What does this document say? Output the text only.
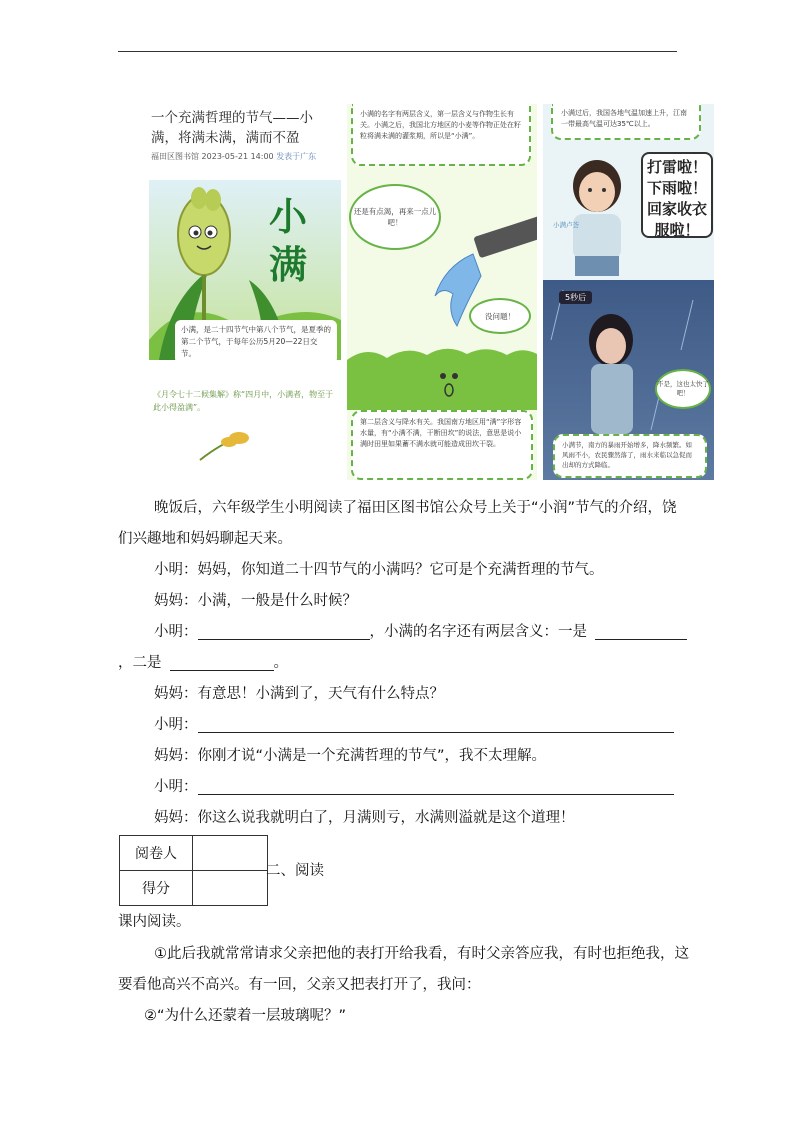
一个充满哲理的节气——小满，将满未满，满而不盈
福田区图书馆 2023-05-21 14:00 发表于广东
小
满
小满，是二十四节气中第八个节气，是夏季的第二个节气，于每年公历5月20—22日交节。
《月令七十二候集解》称“四月中，小满者，物至于此小得盈满”。
小满的名字有两层含义，第一层含义与作物生长有关。小满之后，我国北方地区的小麦等作物正处在籽粒将满未满的灌浆期，所以是“小满”。
还是有点渴，再来一点儿吧！
没问题！
第二层含义与降水有关。我国南方地区用“满”字形容水量，有“小满不满，干断田坎”的说法，意思是说小满时田里如果蓄不满水就可能造成田坎干裂。
小满过后，我国各地气温加速上升，江南一带最高气温可达35℃以上。
小满卢荟
打雷啦！下雨啦！回家收衣服啦！
5秒后
不是，这也太快了吧！
小满节，南方的暴雨开始增多，降水频繁。如风雨不小，农民骤然落了，雨水来临以急促而出却的方式降临。
晚饭后，六年级学生小明阅读了福田区图书馆公众号上关于“小润”节气的介绍，饶
们兴趣地和妈妈聊起天来。
小明：妈妈，你知道二十四节气的小满吗？它可是个充满哲理的节气。
妈妈：小满，一般是什么时候？
小明：	，小满的名字还有两层含义：一是
，二是	。
妈妈：有意思！小满到了，天气有什么特点？
小明：
妈妈：你刚才说“小满是一个充满哲理的节气”，我不太理解。
小明：
妈妈：你这么说我就明白了，月满则亏，水满则溢就是这个道理！
阅卷人	
得分	
二、阅读
课内阅读。
①此后我就常常请求父亲把他的表打开给我看，有时父亲答应我，有时也拒绝我，这
要看他高兴不高兴。有一回，父亲又把表打开了，我问：
②“为什么还蒙着一层玻璃呢？”
